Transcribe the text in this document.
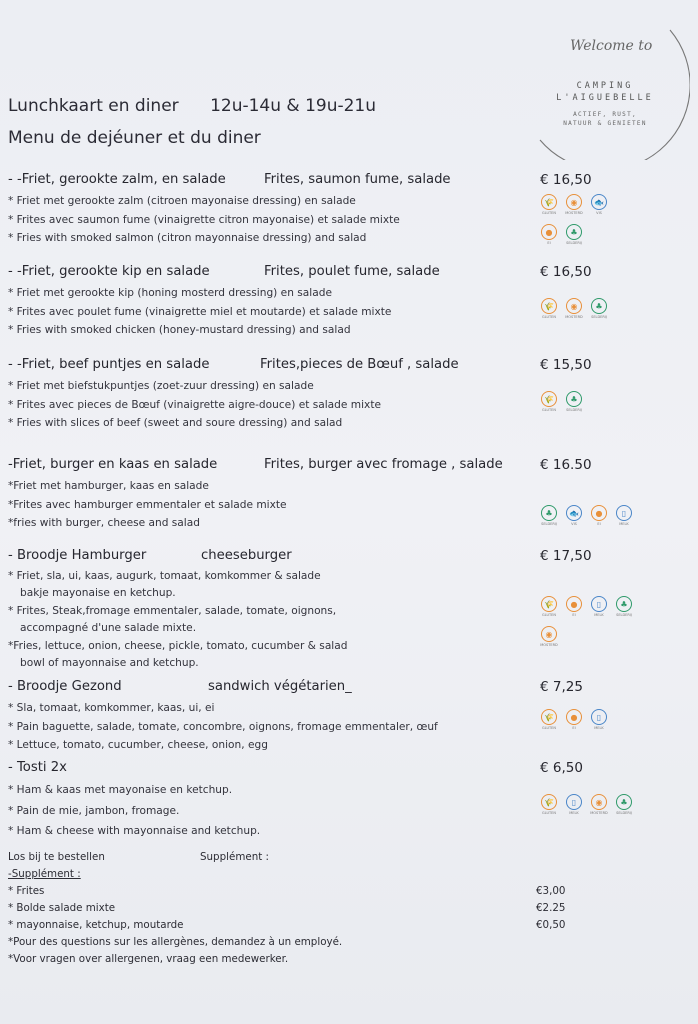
Welcome to
CAMPING
L'AIGUEBELLE
ACTIEF, RUST,
NATUUR & GENIETEN
Lunchkaart en diner 12u-14u & 19u-21u
Menu de dejéuner et du diner
- -Friet, gerookte zalm, en salade	Frites, saumon fume, salade	€ 16,50
* Friet met gerookte zalm (citroen mayonaise dressing) en salade
* Frites avec saumon fume (vinaigrette citron mayonaise) et salade mixte
* Fries with smoked salmon (citron mayonnaise dressing) and salad
🌾
GLUTEN
◉
MOSTERD
🐟
VIS
●
EI
♣
SELDERIJ
- -Friet, gerookte kip en salade	Frites, poulet fume, salade	€ 16,50
* Friet met gerookte kip (honing mosterd dressing) en salade
* Frites avec poulet fume (vinaigrette miel et moutarde) et salade mixte
* Fries with smoked chicken (honey-mustard dressing) and salad
🌾
GLUTEN
◉
MOSTERD
♣
SELDERIJ
- -Friet, beef puntjes en salade	Frites,pieces de Bœuf , salade	€ 15,50
* Friet met biefstukpuntjes (zoet-zuur dressing) en salade
* Frites avec pieces de Bœuf (vinaigrette aigre-douce) et salade mixte
* Fries with slices of beef (sweet and soure dressing) and salad
🌾
GLUTEN
♣
SELDERIJ
-Friet, burger en kaas en salade	Frites, burger avec fromage , salade	€ 16.50
*Friet met hamburger, kaas en salade
*Frites avec hamburger emmentaler et salade mixte
*fries with burger, cheese and salad
♣
SELDERIJ
🐟
VIS
●
EI
▯
MELK
- Broodje Hamburger	cheeseburger	€ 17,50
* Friet, sla, ui, kaas, augurk, tomaat, komkommer & salade
bakje mayonaise en ketchup.
* Frites, Steak,fromage emmentaler, salade, tomate, oignons,
accompagné d'une salade mixte.
*Fries, lettuce, onion, cheese, pickle, tomato, cucumber & salad
bowl of mayonnaise and ketchup.
🌾
GLUTEN
●
EI
▯
MELK
♣
SELDERIJ
◉
MOSTERD
- Broodje Gezond	sandwich végétarien_	€ 7,25
* Sla, tomaat, komkommer, kaas, ui, ei
* Pain baguette, salade, tomate, concombre, oignons, fromage emmentaler, œuf
* Lettuce, tomato, cucumber, cheese, onion, egg
🌾
GLUTEN
●
EI
▯
MELK
- Tosti 2x	€ 6,50
* Ham & kaas met mayonaise en ketchup.
* Pain de mie, jambon, fromage.
* Ham & cheese with mayonnaise and ketchup.
🌾
GLUTEN
▯
MELK
◉
MOSTERD
♣
SELDERIJ
Los bij te bestellen	Supplément :
-Supplément :
* Frites	€3,00
* Bolde salade mixte	€2.25
* mayonnaise, ketchup, moutarde	€0,50
*Pour des questions sur les allergènes, demandez à un employé.
*Voor vragen over allergenen, vraag een medewerker.
